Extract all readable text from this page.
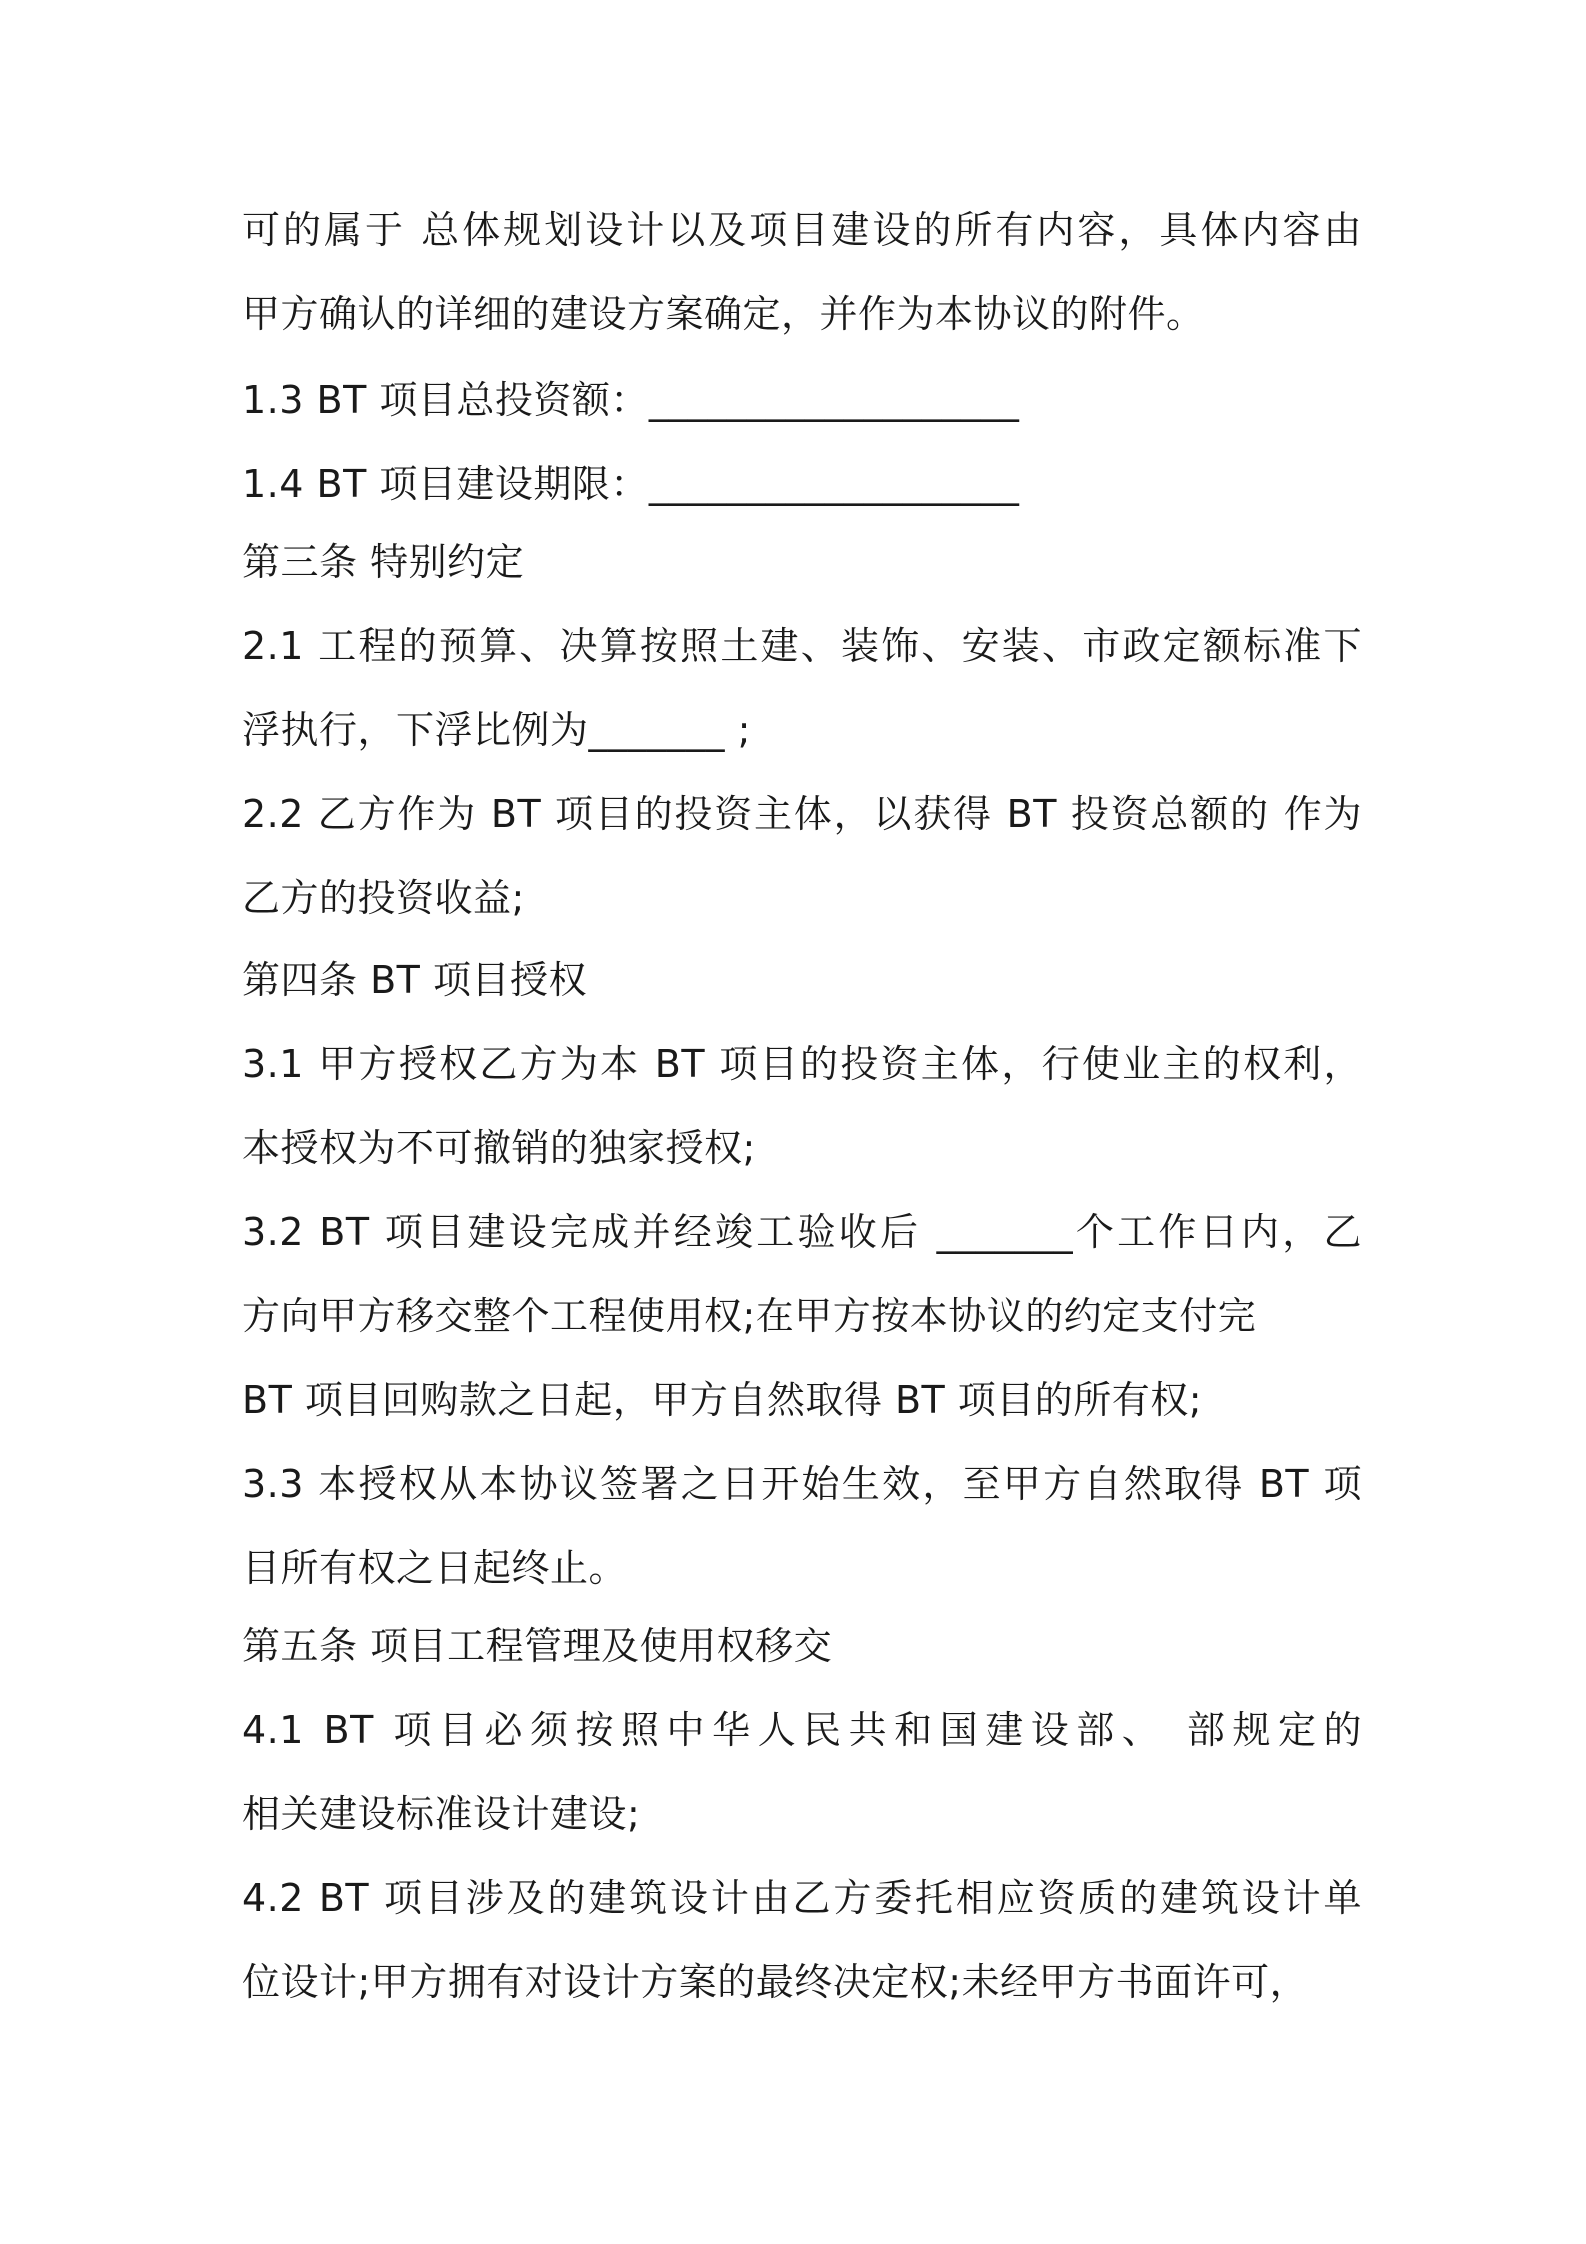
可的属于 总体规划设计以及项目建设的所有内容，具体内容由
甲方确认的详细的建设方案确定，并作为本协议的附件。
1.3 BT 项目总投资额：___________________
1.4 BT 项目建设期限：___________________
第三条 特别约定
2.1 工程的预算、决算按照土建、装饰、安装、市政定额标准下
浮执行，下浮比例为_______ ;
2.2 乙方作为 BT 项目的投资主体，以获得 BT 投资总额的 作为
乙方的投资收益;
第四条 BT 项目授权
3.1 甲方授权乙方为本 BT 项目的投资主体，行使业主的权利，
本授权为不可撤销的独家授权;
3.2 BT 项目建设完成并经竣工验收后 _______个工作日内，乙
方向甲方移交整个工程使用权;在甲方按本协议的约定支付完
BT 项目回购款之日起，甲方自然取得 BT 项目的所有权;
3.3 本授权从本协议签署之日开始生效，至甲方自然取得 BT 项
目所有权之日起终止。
第五条 项目工程管理及使用权移交
4.1 BT 项目必须按照中华人民共和国建设部、 部规定的
相关建设标准设计建设;
4.2 BT 项目涉及的建筑设计由乙方委托相应资质的建筑设计单
位设计;甲方拥有对设计方案的最终决定权;未经甲方书面许可，
